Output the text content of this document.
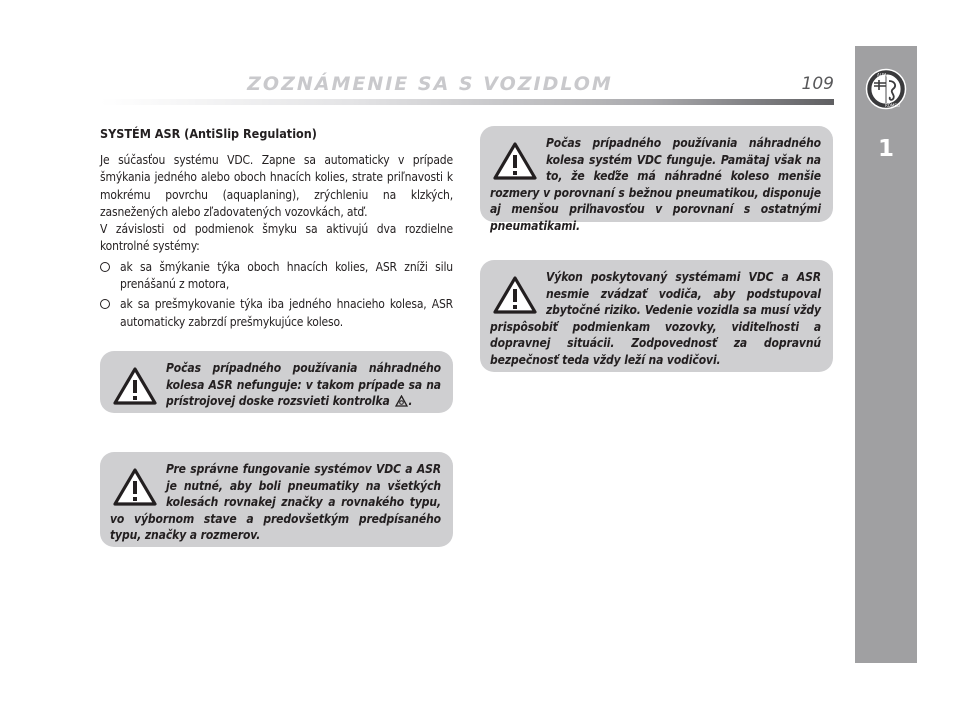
ZOZNÁMENIE SA S VOZIDLOM	109	ALFA
ROMEO
1
SYSTÉM ASR (AntiSlip Regulation)

Je súčasťou systému VDC. Zapne sa automaticky v prípade šmýkania jedného alebo oboch hnacích kolies, strate priľnavosti k mokrému povrchu (aquaplaning), zrýchleniu na klzkých, zasnežených alebo zľadovatených vozovkách, atď.

V závislosti od podmienok šmyku sa aktivujú dva rozdielne kontrolné systémy:

ak sa šmýkanie týka oboch hnacích kolies, ASR zníži silu prenášanú z motora,
ak sa prešmykovanie týka iba jedného hnacieho kolesa, ASR automaticky zabrzdí prešmykujúce koleso.

Počas prípadného používania náhradného kolesa ASR nefunguje: v takom prípade sa na prístrojovej doske rozsvieti kontrolka .

Pre správne fungovanie systémov VDC a ASR je nutné, aby boli pneumatiky na všetkých kolesách rovnakej značky a rovnakého typu, vo výbornom stave a predovšetkým predpísaného typu, značky a rozmerov.

Počas prípadného používania náhradného kolesa systém VDC funguje. Pamätaj však na to, že keďže má náhradné koleso menšie rozmery v porovnaní s bežnou pneumatikou, disponuje aj menšou priľnavosťou v porovnaní s ostatnými pneumatikami.

Výkon poskytovaný systémami VDC a ASR nesmie zvádzať vodiča, aby podstupoval zbytočné riziko. Vedenie vozidla sa musí vždy prispôsobiť podmienkam vozovky, viditeľnosti a dopravnej situácii. Zodpovednosť za dopravnú bezpečnosť teda vždy leží na vodičovi.
